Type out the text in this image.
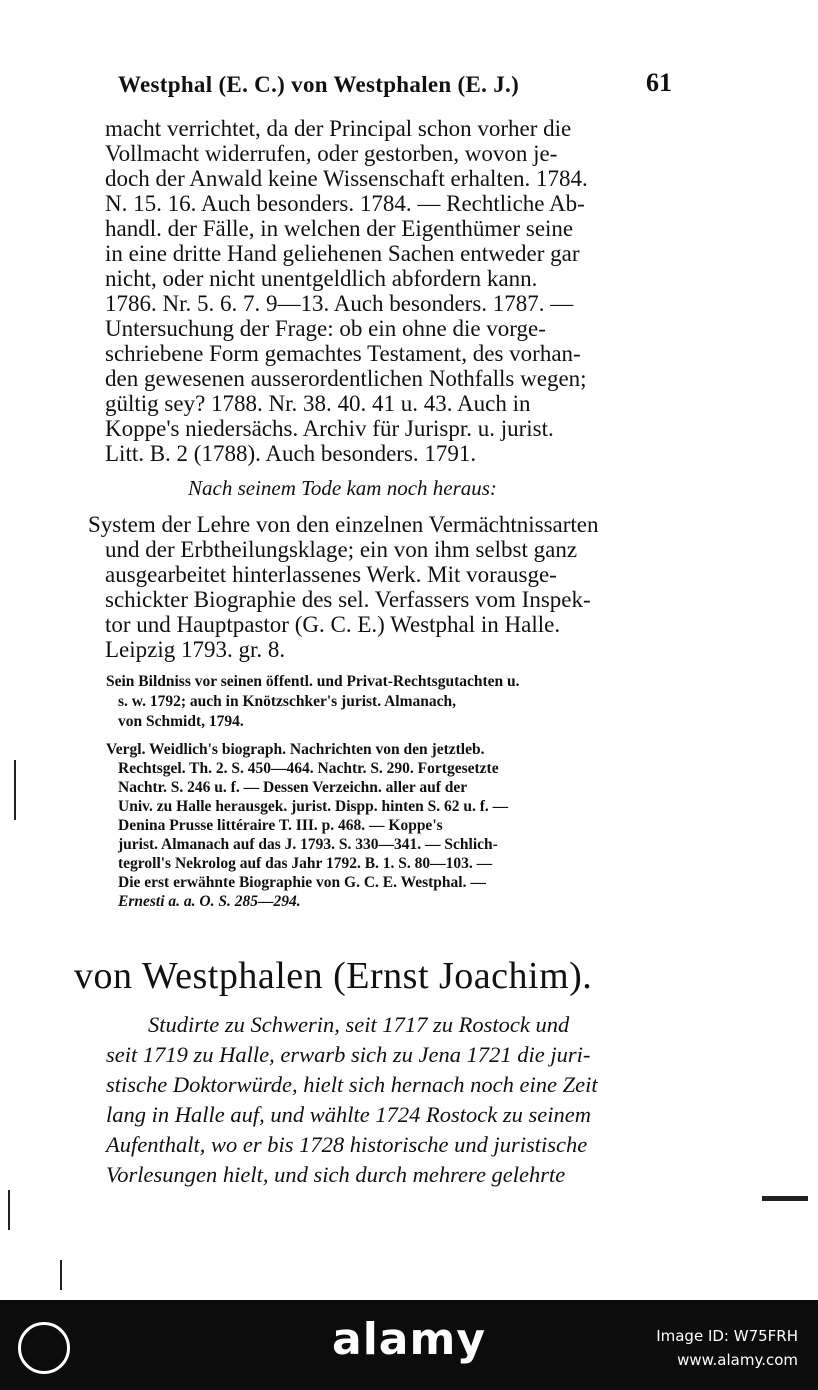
Westphal (E. C.) von Westphalen (E. J.)	61
macht verrichtet, da der Principal schon vorher die
Vollmacht widerrufen, oder gestorben, wovon je-
doch der Anwald keine Wissenschaft erhalten. 1784.
N. 15. 16. Auch besonders. 1784. — Rechtliche Ab-
handl. der Fälle, in welchen der Eigenthümer seine
in eine dritte Hand geliehenen Sachen entweder gar
nicht, oder nicht unentgeldlich abfordern kann.
1786. Nr. 5. 6. 7. 9—13. Auch besonders. 1787. —
Untersuchung der Frage: ob ein ohne die vorge-
schriebene Form gemachtes Testament, des vorhan-
den gewesenen ausserordentlichen Nothfalls wegen;
gültig sey? 1788. Nr. 38. 40. 41 u. 43. Auch in
Koppe's niedersächs. Archiv für Jurispr. u. jurist.
Litt. B. 2 (1788). Auch besonders. 1791.
Nach seinem Tode kam noch heraus:
System der Lehre von den einzelnen Vermächtnissarten
und der Erbtheilungsklage; ein von ihm selbst ganz
ausgearbeitet hinterlassenes Werk. Mit vorausge-
schickter Biographie des sel. Verfassers vom Inspek-
tor und Hauptpastor (G. C. E.) Westphal in Halle.
Leipzig 1793. gr. 8.
Sein Bildniss vor seinen öffentl. und Privat-Rechtsgutachten u.
s. w. 1792; auch in Knötzschker's jurist. Almanach,
von Schmidt, 1794.
Vergl. Weidlich's biograph. Nachrichten von den jetztleb.
Rechtsgel. Th. 2. S. 450—464. Nachtr. S. 290. Fortgesetzte
Nachtr. S. 246 u. f. — Dessen Verzeichn. aller auf der
Univ. zu Halle herausgek. jurist. Dispp. hinten S. 62 u. f. —
Denina Prusse littéraire T. III. p. 468. — Koppe's
jurist. Almanach auf das J. 1793. S. 330—341. — Schlich-
tegroll's Nekrolog auf das Jahr 1792. B. 1. S. 80—103. —
Die erst erwähnte Biographie von G. C. E. Westphal. —
Ernesti a. a. O. S. 285—294.
von Westphalen (Ernst Joachim).
Studirte zu Schwerin, seit 1717 zu Rostock und
seit 1719 zu Halle, erwarb sich zu Jena 1721 die juri-
stische Doktorwürde, hielt sich hernach noch eine Zeit
lang in Halle auf, und wählte 1724 Rostock zu seinem
Aufenthalt, wo er bis 1728 historische und juristische
Vorlesungen hielt, und sich durch mehrere gelehrte
alamy	Image ID: W75FRH
www.alamy.com
